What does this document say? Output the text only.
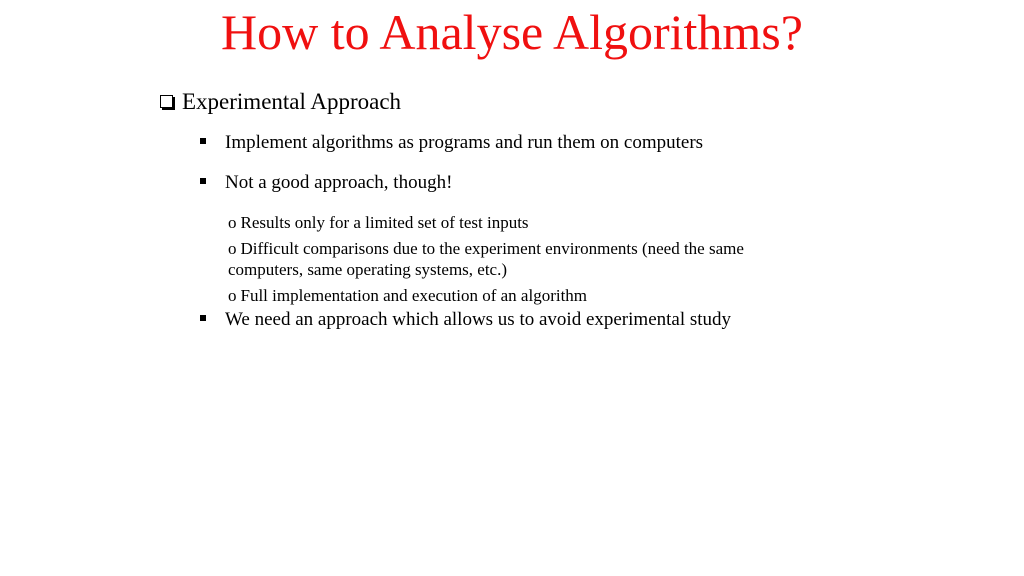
How to Analyse Algorithms?
Experimental Approach
Implement algorithms as programs and run them on computers
Not a good approach, though!
o Results only for a limited set of test inputs
o Difficult comparisons due to the experiment environments (need the same
computers, same operating systems, etc.)
o Full implementation and execution of an algorithm
We need an approach which allows us to avoid experimental study
